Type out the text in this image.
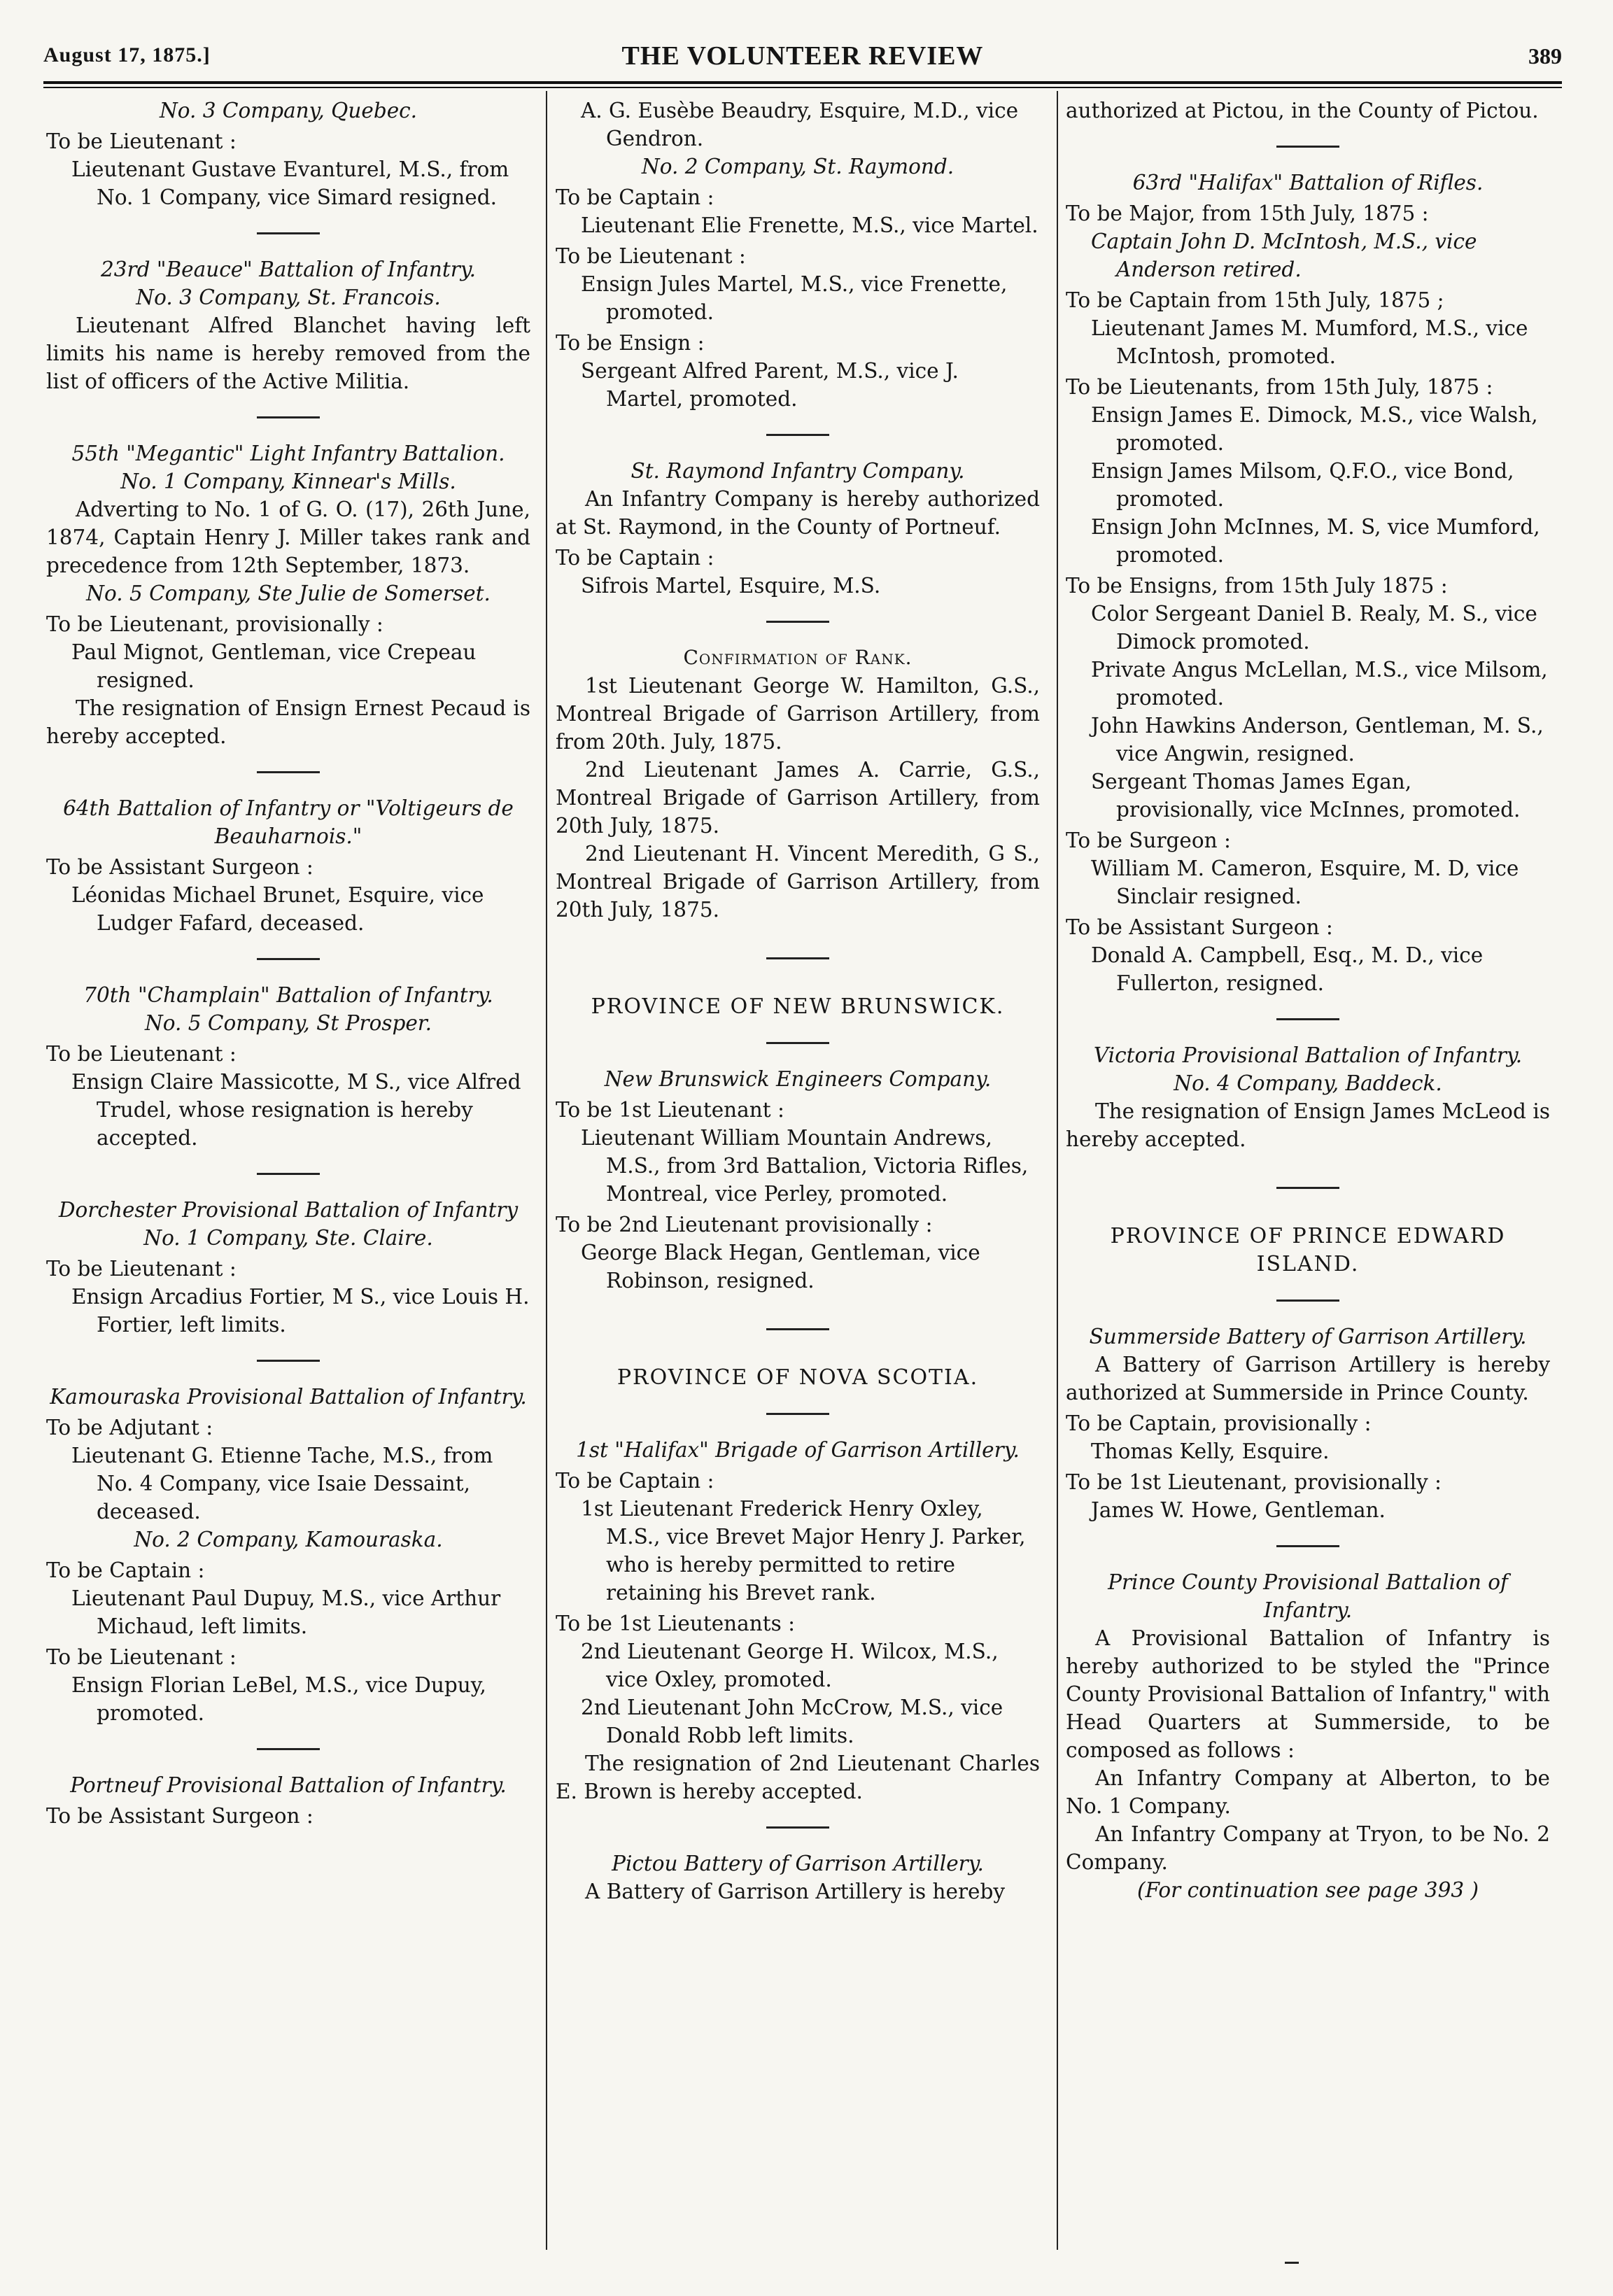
August 17, 1875.]	THE VOLUNTEER REVIEW	389
No. 3 Company, Quebec.
To be Lieutenant :
Lieutenant Gustave Evanturel, M.S., from No. 1 Company, vice Simard resigned.
23rd "Beauce" Battalion of Infantry.
No. 3 Company, St. Francois.
Lieutenant Alfred Blanchet having left limits his name is hereby removed from the list of officers of the Active Militia.
55th "Megantic" Light Infantry Battalion.
No. 1 Company, Kinnear's Mills.
Adverting to No. 1 of G. O. (17), 26th June, 1874, Captain Henry J. Miller takes rank and precedence from 12th September, 1873.
No. 5 Company, Ste Julie de Somerset.
To be Lieutenant, provisionally :
Paul Mignot, Gentleman, vice Crepeau resigned.
The resignation of Ensign Ernest Pecaud is hereby accepted.
64th Battalion of Infantry or "Voltigeurs de Beauharnois."
To be Assistant Surgeon :
Léonidas Michael Brunet, Esquire, vice Ludger Fafard, deceased.
70th "Champlain" Battalion of Infantry.
No. 5 Company, St Prosper.
To be Lieutenant :
Ensign Claire Massicotte, M S., vice Alfred Trudel, whose resignation is hereby accepted.
Dorchester Provisional Battalion of Infantry
No. 1 Company, Ste. Claire.
To be Lieutenant :
Ensign Arcadius Fortier, M S., vice Louis H. Fortier, left limits.
Kamouraska Provisional Battalion of Infantry.
To be Adjutant :
Lieutenant G. Etienne Tache, M.S., from No. 4 Company, vice Isaie Dessaint, deceased.
No. 2 Company, Kamouraska.
To be Captain :
Lieutenant Paul Dupuy, M.S., vice Arthur Michaud, left limits.
To be Lieutenant :
Ensign Florian LeBel, M.S., vice Dupuy, promoted.
Portneuf Provisional Battalion of Infantry.
To be Assistant Surgeon :
A. G. Eusèbe Beaudry, Esquire, M.D., vice Gendron.
No. 2 Company, St. Raymond.
To be Captain :
Lieutenant Elie Frenette, M.S., vice Martel.
To be Lieutenant :
Ensign Jules Martel, M.S., vice Frenette, promoted.
To be Ensign :
Sergeant Alfred Parent, M.S., vice J. Martel, promoted.
St. Raymond Infantry Company.
An Infantry Company is hereby authorized at St. Raymond, in the County of Portneuf.
To be Captain :
Sifrois Martel, Esquire, M.S.
Confirmation of Rank.
1st Lieutenant George W. Hamilton, G.S., Montreal Brigade of Garrison Artillery, from from 20th. July, 1875.
2nd Lieutenant James A. Carrie, G.S., Montreal Brigade of Garrison Artillery, from 20th July, 1875.
2nd Lieutenant H. Vincent Meredith, G S., Montreal Brigade of Garrison Artillery, from 20th July, 1875.
PROVINCE OF NEW BRUNSWICK.
New Brunswick Engineers Company.
To be 1st Lieutenant :
Lieutenant William Mountain Andrews, M.S., from 3rd Battalion, Victoria Rifles, Montreal, vice Perley, promoted.
To be 2nd Lieutenant provisionally :
George Black Hegan, Gentleman, vice Robinson, resigned.
PROVINCE OF NOVA SCOTIA.
1st "Halifax" Brigade of Garrison Artillery.
To be Captain :
1st Lieutenant Frederick Henry Oxley, M.S., vice Brevet Major Henry J. Parker, who is hereby permitted to retire retaining his Brevet rank.
To be 1st Lieutenants :
2nd Lieutenant George H. Wilcox, M.S., vice Oxley, promoted.
2nd Lieutenant John McCrow, M.S., vice Donald Robb left limits.
The resignation of 2nd Lieutenant Charles E. Brown is hereby accepted.
Pictou Battery of Garrison Artillery.
A Battery of Garrison Artillery is hereby
authorized at Pictou, in the County of Pictou.
63rd "Halifax" Battalion of Rifles.
To be Major, from 15th July, 1875 :
Captain John D. McIntosh, M.S., vice Anderson retired.
To be Captain from 15th July, 1875 ;
Lieutenant James M. Mumford, M.S., vice McIntosh, promoted.
To be Lieutenants, from 15th July, 1875 :
Ensign James E. Dimock, M.S., vice Walsh, promoted.
Ensign James Milsom, Q.F.O., vice Bond, promoted.
Ensign John McInnes, M. S, vice Mumford, promoted.
To be Ensigns, from 15th July 1875 :
Color Sergeant Daniel B. Realy, M. S., vice Dimock promoted.
Private Angus McLellan, M.S., vice Milsom, promoted.
John Hawkins Anderson, Gentleman, M. S., vice Angwin, resigned.
Sergeant Thomas James Egan, provisionally, vice McInnes, promoted.
To be Surgeon :
William M. Cameron, Esquire, M. D, vice Sinclair resigned.
To be Assistant Surgeon :
Donald A. Campbell, Esq., M. D., vice Fullerton, resigned.
Victoria Provisional Battalion of Infantry.
No. 4 Company, Baddeck.
The resignation of Ensign James McLeod is hereby accepted.
PROVINCE OF PRINCE EDWARD ISLAND.
Summerside Battery of Garrison Artillery.
A Battery of Garrison Artillery is hereby authorized at Summerside in Prince County.
To be Captain, provisionally :
Thomas Kelly, Esquire.
To be 1st Lieutenant, provisionally :
James W. Howe, Gentleman.
Prince County Provisional Battalion of Infantry.
A Provisional Battalion of Infantry is hereby authorized to be styled the "Prince County Provisional Battalion of Infantry," with Head Quarters at Summerside, to be composed as follows :
An Infantry Company at Alberton, to be No. 1 Company.
An Infantry Company at Tryon, to be No. 2 Company.
(For continuation see page 393 )
